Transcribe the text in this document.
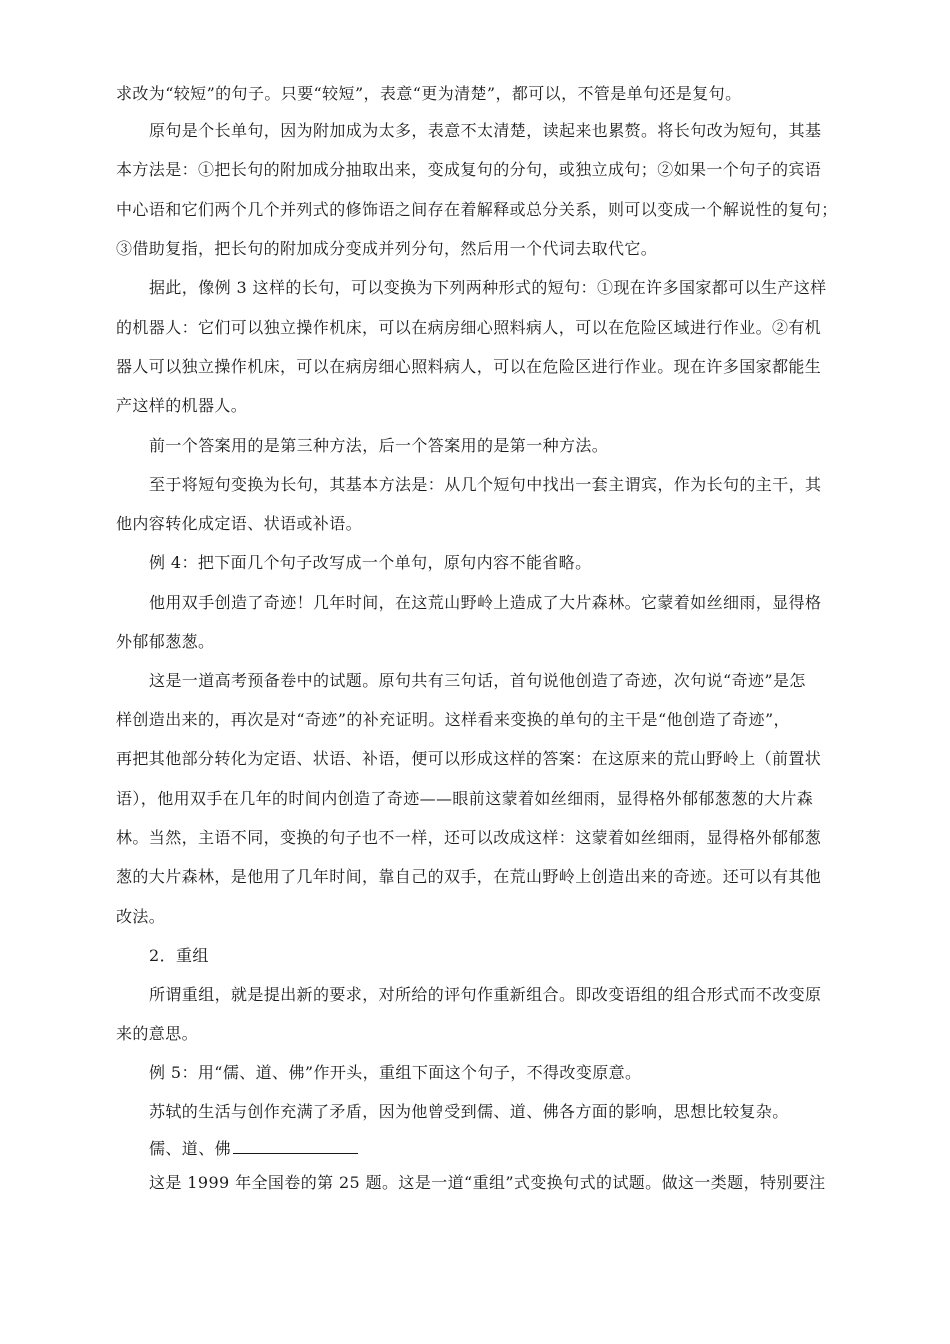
求改为“较短”的句子。只要“较短”，表意“更为清楚”，都可以，不管是单句还是复句。
原句是个长单句，因为附加成为太多，表意不太清楚，读起来也累赘。将长句改为短句，其基
本方法是：①把长句的附加成分抽取出来，变成复句的分句，或独立成句；②如果一个句子的宾语
中心语和它们两个几个并列式的修饰语之间存在着解释或总分关系，则可以变成一个解说性的复句；
③借助复指，把长句的附加成分变成并列分句，然后用一个代词去取代它。
据此，像例 3 这样的长句，可以变换为下列两种形式的短句：①现在许多国家都可以生产这样
的机器人：它们可以独立操作机床，可以在病房细心照料病人，可以在危险区域进行作业。②有机
器人可以独立操作机床，可以在病房细心照料病人，可以在危险区进行作业。现在许多国家都能生
产这样的机器人。
前一个答案用的是第三种方法，后一个答案用的是第一种方法。
至于将短句变换为长句，其基本方法是：从几个短句中找出一套主谓宾，作为长句的主干，其
他内容转化成定语、状语或补语。
例 4：把下面几个句子改写成一个单句，原句内容不能省略。
他用双手创造了奇迹！几年时间，在这荒山野岭上造成了大片森林。它蒙着如丝细雨，显得格
外郁郁葱葱。
这是一道高考预备卷中的试题。原句共有三句话，首句说他创造了奇迹，次句说“奇迹”是怎
样创造出来的，再次是对“奇迹”的补充证明。这样看来变换的单句的主干是“他创造了奇迹”，
再把其他部分转化为定语、状语、补语，便可以形成这样的答案：在这原来的荒山野岭上（前置状
语），他用双手在几年的时间内创造了奇迹——眼前这蒙着如丝细雨，显得格外郁郁葱葱的大片森
林。当然，主语不同，变换的句子也不一样，还可以改成这样：这蒙着如丝细雨，显得格外郁郁葱
葱的大片森林，是他用了几年时间，靠自己的双手，在荒山野岭上创造出来的奇迹。还可以有其他
改法。
2．重组
所谓重组，就是提出新的要求，对所给的评句作重新组合。即改变语组的组合形式而不改变原
来的意思。
例 5：用“儒、道、佛”作开头，重组下面这个句子，不得改变原意。
苏轼的生活与创作充满了矛盾，因为他曾受到儒、道、佛各方面的影响，思想比较复杂。
儒、道、佛
这是 1999 年全国卷的第 25 题。这是一道“重组”式变换句式的试题。做这一类题，特别要注
